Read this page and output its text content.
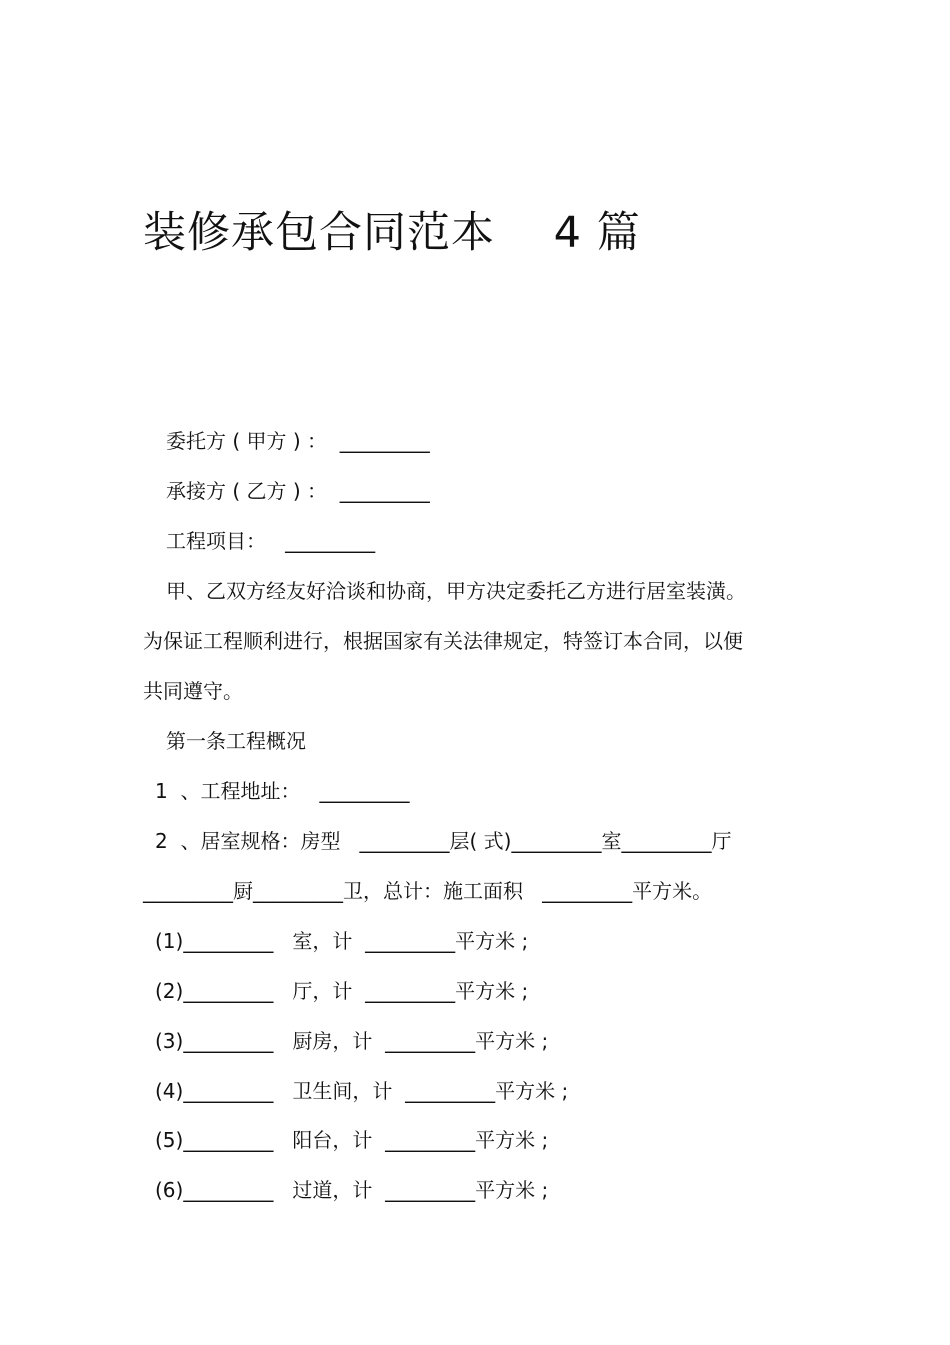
装修承包合同范本    4 篇

委托方 ( 甲方 ) ：  _________

承接方 ( 乙方 ) ：  _________

工程项目：   _________

甲、乙双方经友好洽谈和协商，甲方决定委托乙方进行居室装潢。

为保证工程顺利进行，根据国家有关法律规定，特签订本合同，以便

共同遵守。

第一条工程概况

1  、工程地址：   _________

2  、居室规格：房型   _________层( 式)_________室_________厅

_________厨_________卫，总计：施工面积   _________平方米。

(1)_________   室，计  _________平方米 ;

(2)_________   厅，计  _________平方米 ;

(3)_________   厨房，计  _________平方米 ;

(4)_________   卫生间，计  _________平方米 ;

(5)_________   阳台，计  _________平方米 ;

(6)_________   过道，计  _________平方米 ;
